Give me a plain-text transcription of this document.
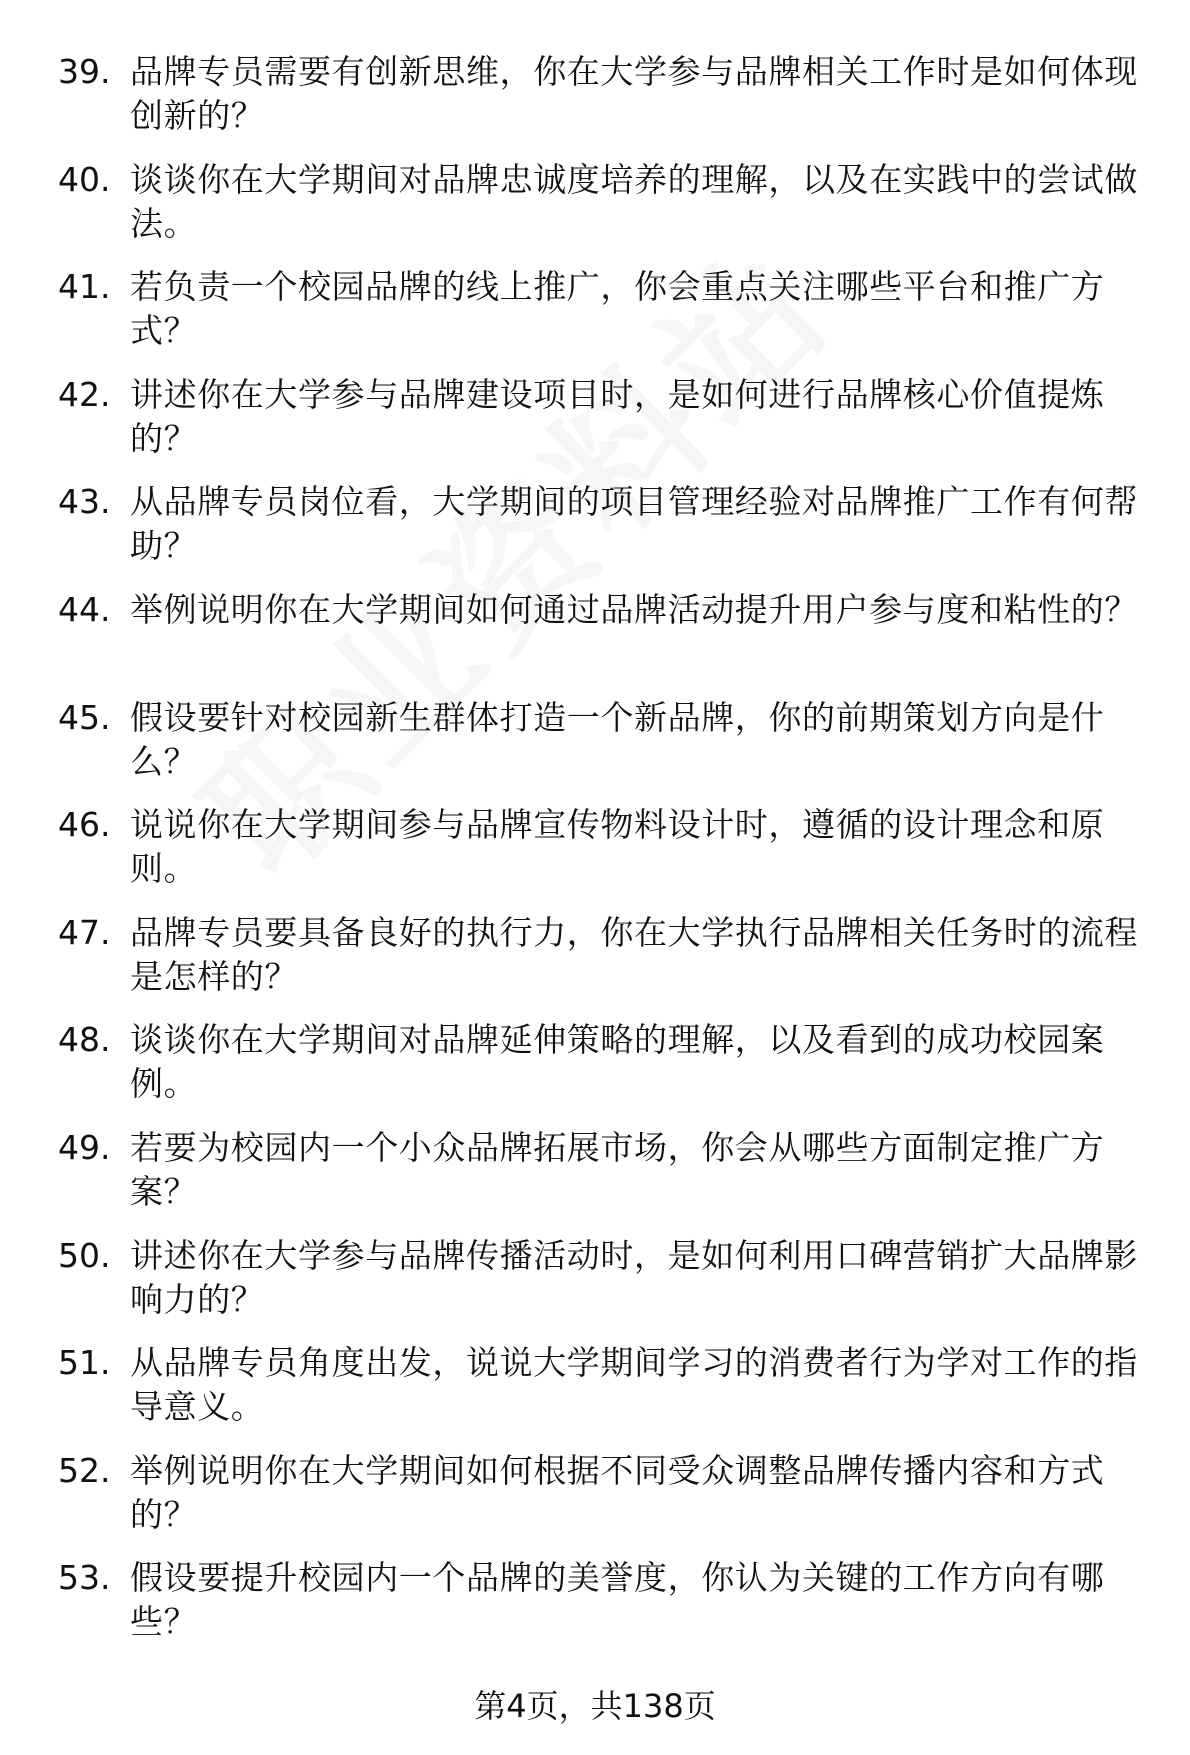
39. 品牌专员需要有创新思维，你在大学参与品牌相关工作时是如何体现创新的？
40. 谈谈你在大学期间对品牌忠诚度培养的理解，以及在实践中的尝试做法。
41. 若负责一个校园品牌的线上推广，你会重点关注哪些平台和推广方式？
42. 讲述你在大学参与品牌建设项目时，是如何进行品牌核心价值提炼的？
43. 从品牌专员岗位看，大学期间的项目管理经验对品牌推广工作有何帮助？
44. 举例说明你在大学期间如何通过品牌活动提升用户参与度和粘性的？
45. 假设要针对校园新生群体打造一个新品牌，你的前期策划方向是什么？
46. 说说你在大学期间参与品牌宣传物料设计时，遵循的设计理念和原则。
47. 品牌专员要具备良好的执行力，你在大学执行品牌相关任务时的流程是怎样的？
48. 谈谈你在大学期间对品牌延伸策略的理解，以及看到的成功校园案例。
49. 若要为校园内一个小众品牌拓展市场，你会从哪些方面制定推广方案？
50. 讲述你在大学参与品牌传播活动时，是如何利用口碑营销扩大品牌影响力的？
51. 从品牌专员角度出发，说说大学期间学习的消费者行为学对工作的指导意义。
52. 举例说明你在大学期间如何根据不同受众调整品牌传播内容和方式的？
53. 假设要提升校园内一个品牌的美誉度，你认为关键的工作方向有哪些？
第4页，共138页
